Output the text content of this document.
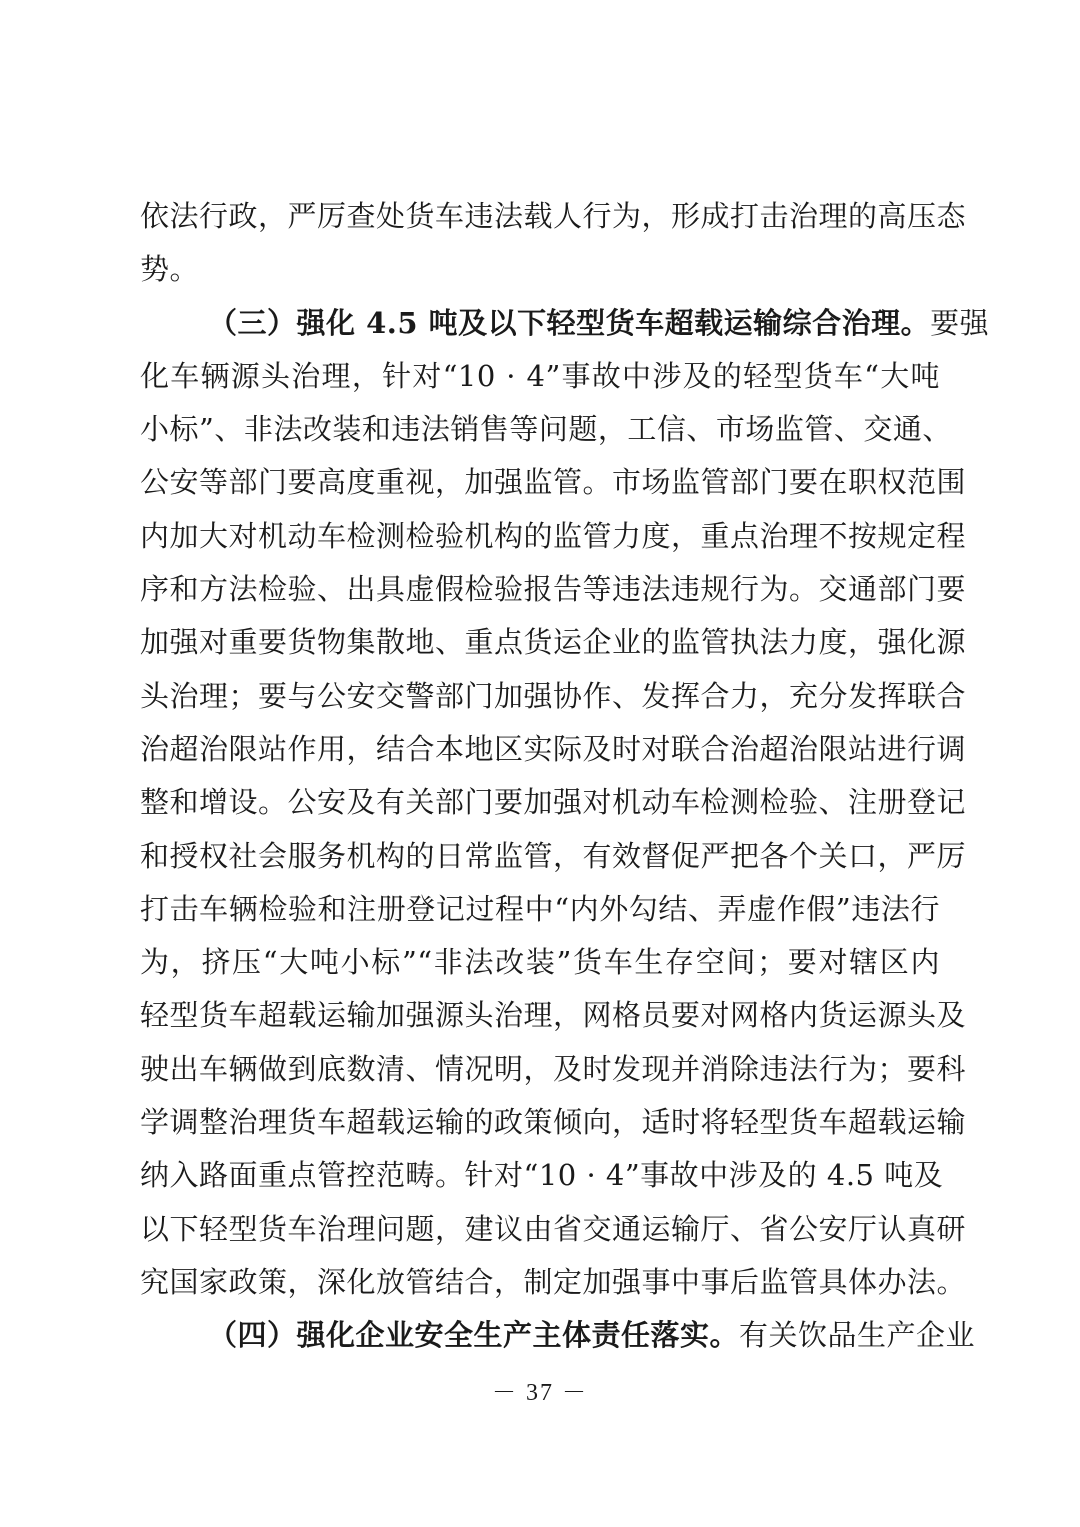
依法行政，严厉查处货车违法载人行为，形成打击治理的高压态
势。
（三）强化 4.5 吨及以下轻型货车超载运输综合治理。要强
化车辆源头治理，针对“10 · 4”事故中涉及的轻型货车“大吨
小标”、非法改装和违法销售等问题，工信、市场监管、交通、
公安等部门要高度重视，加强监管。市场监管部门要在职权范围
内加大对机动车检测检验机构的监管力度，重点治理不按规定程
序和方法检验、出具虚假检验报告等违法违规行为。交通部门要
加强对重要货物集散地、重点货运企业的监管执法力度，强化源
头治理；要与公安交警部门加强协作、发挥合力，充分发挥联合
治超治限站作用，结合本地区实际及时对联合治超治限站进行调
整和增设。公安及有关部门要加强对机动车检测检验、注册登记
和授权社会服务机构的日常监管，有效督促严把各个关口，严厉
打击车辆检验和注册登记过程中“内外勾结、弄虚作假”违法行
为，挤压“大吨小标”“非法改装”货车生存空间；要对辖区内
轻型货车超载运输加强源头治理，网格员要对网格内货运源头及
驶出车辆做到底数清、情况明，及时发现并消除违法行为；要科
学调整治理货车超载运输的政策倾向，适时将轻型货车超载运输
纳入路面重点管控范畴。针对“10 · 4”事故中涉及的 4.5 吨及
以下轻型货车治理问题，建议由省交通运输厅、省公安厅认真研
究国家政策，深化放管结合，制定加强事中事后监管具体办法。
（四）强化企业安全生产主体责任落实。有关饮品生产企业
－ 37 －
